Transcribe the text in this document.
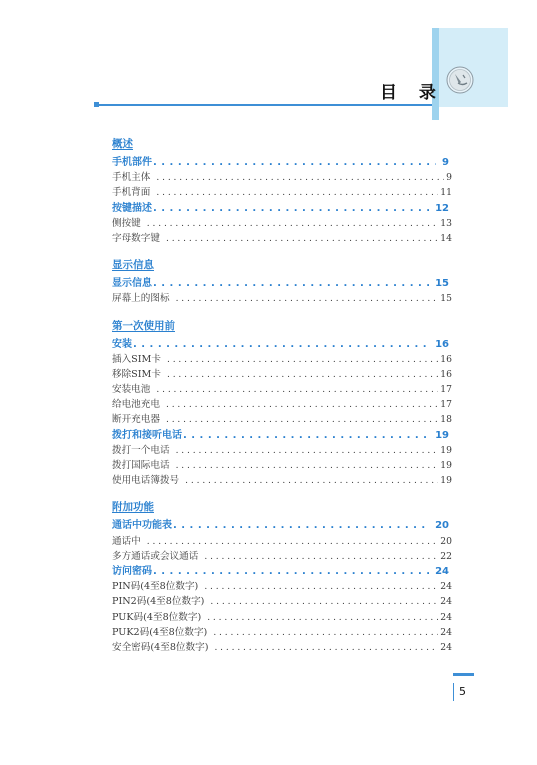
目 录
概述
手机部件 . . .	9
手机主体 . . .	9
手机背面 . . .	11
按键描述 . . .	12
侧按键 . . .	13
字母数字键 . . .	14
显示信息
显示信息 . . .	15
屏幕上的图标 . . .	15
第一次使用前
安装 . . .	16
插入SIM卡 . . .	16
移除SIM卡 . . .	16
安装电池 . . .	17
给电池充电 . . .	17
断开充电器 . . .	18
拨打和接听电话 . . .	19
拨打一个电话 . . .	19
拨打国际电话 . . .	19
使用电话簿拨号 . . .	19
附加功能
通话中功能表 . . .	20
通话中 . . .	20
多方通话或会议通话 . . .	22
访问密码 . . .	24
PIN码(4至8位数字) . . .	24
PIN2码(4至8位数字) . . .	24
PUK码(4至8位数字) . . .	24
PUK2码(4至8位数字) . . .	24
安全密码(4至8位数字) . . .	24
5
